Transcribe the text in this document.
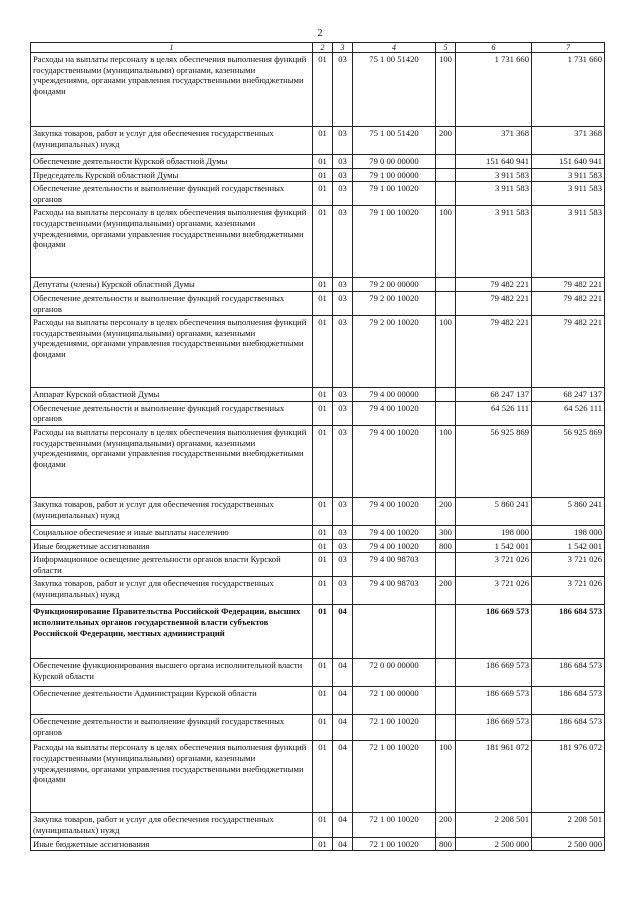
2
1	2	3	4	5	6	7
Расходы на выплаты персоналу в целях обеспечения выполнения функций государственными (муниципальными) органами, казенными учреждениями, органами управления государственными внебюджетными фондами	01	03	75 1 00 51420	100	1 731 660	1 731 660
Закупка товаров, работ и услуг для обеспечения государственных (муниципальных) нужд	01	03	75 1 00 51420	200	371 368	371 368
Обеспечение деятельности Курской областной Думы	01	03	79 0 00 00000		151 640 941	151 640 941
Председатель Курской областной Думы	01	03	79 1 00 00000		3 911 583	3 911 583
Обеспечение деятельности и выполнение функций государственных органов	01	03	79 1 00 10020		3 911 583	3 911 583
Расходы на выплаты персоналу в целях обеспечения выполнения функций государственными (муниципальными) органами, казенными учреждениями, органами управления государственными внебюджетными фондами	01	03	79 1 00 10020	100	3 911 583	3 911 583
Депутаты (члены) Курской областной Думы	01	03	79 2 00 00000		79 482 221	79 482 221
Обеспечение деятельности и выполнение функций государственных органов	01	03	79 2 00 10020		79 482 221	79 482 221
Расходы на выплаты персоналу в целях обеспечения выполнения функций государственными (муниципальными) органами, казенными учреждениями, органами управления государственными внебюджетными фондами	01	03	79 2 00 10020	100	79 482 221	79 482 221
Аппарат Курской областной Думы	01	03	79 4 00 00000		68 247 137	68 247 137
Обеспечение деятельности и выполнение функций государственных органов	01	03	79 4 00 10020		64 526 111	64 526 111
Расходы на выплаты персоналу в целях обеспечения выполнения функций государственными (муниципальными) органами, казенными учреждениями, органами управления государственными внебюджетными фондами	01	03	79 4 00 10020	100	56 925 869	56 925 869
Закупка товаров, работ и услуг для обеспечения государственных (муниципальных) нужд	01	03	79 4 00 10020	200	5 860 241	5 860 241
Социальное обеспечение и иные выплаты населению	01	03	79 4 00 10020	300	198 000	198 000
Иные бюджетные ассигнования	01	03	79 4 00 10020	800	1 542 001	1 542 001
Информационное освещение деятельности органов власти Курской области	01	03	79 4 00 98703		3 721 026	3 721 026
Закупка товаров, работ и услуг для обеспечения государственных (муниципальных) нужд	01	03	79 4 00 98703	200	3 721 026	3 721 026
Функционирование Правительства Российской Федерации, высших исполнительных органов государственной власти субъектов Российской Федерации, местных администраций	01	04			186 669 573	186 684 573
Обеспечение функционирования высшего органа исполнительной власти Курской области	01	04	72 0 00 00000		186 669 573	186 684 573
Обеспечение деятельности Администрации Курской области	01	04	72 1 00 00000		186 669 573	186 684 573
Обеспечение деятельности и выполнение функций государственных органов	01	04	72 1 00 10020		186 669 573	186 684 573
Расходы на выплаты персоналу в целях обеспечения выполнения функций государственными (муниципальными) органами, казенными учреждениями, органами управления государственными внебюджетными фондами	01	04	72 1 00 10020	100	181 961 072	181 976 072
Закупка товаров, работ и услуг для обеспечения государственных (муниципальных) нужд	01	04	72 1 00 10020	200	2 208 501	2 208 501
Иные бюджетные ассигнования	01	04	72 1 00 10020	800	2 500 000	2 500 000
